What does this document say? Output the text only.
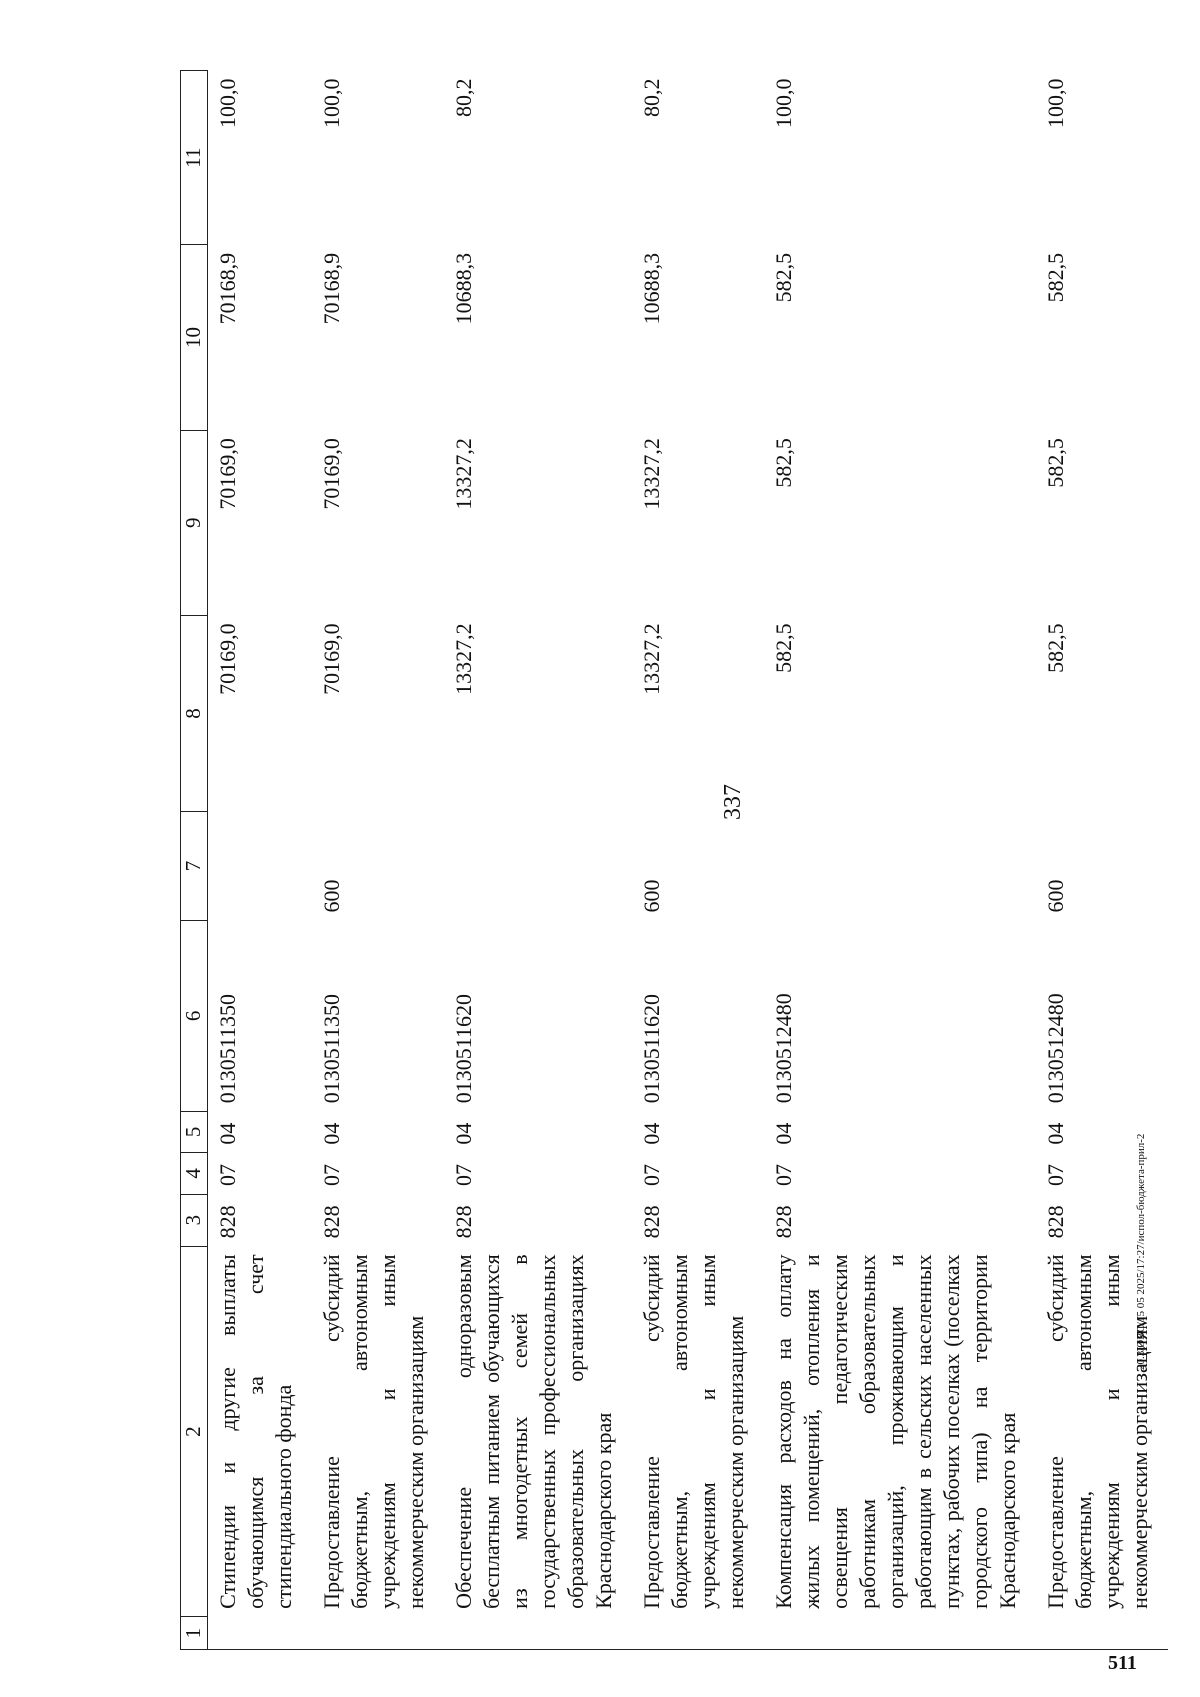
1	2	3	4	5	6	7	8	9	10	11
	Стипендии и другие выплаты обучающимся за счет стипендиального фонда	828	07	04	0130511350		70169,0	70169,0	70168,9	100,0
	Предоставление субсидий бюджетным, автономным учреждениям и иным некоммерческим организациям	828	07	04	0130511350	600	70169,0	70169,0	70168,9	100,0
	Обеспечение одноразовым бесплатным питанием обучающихся из многодетных семей в государственных профессиональных образовательных организациях Краснодарского края	828	07	04	0130511620		13327,2	13327,2	10688,3	80,2
	Предоставление субсидий бюджетным, автономным учреждениям и иным некоммерческим организациям	828	07	04	0130511620	600	13327,2	13327,2	10688,3	80,2
	Компенсация расходов на оплату жилых помещений, отопления и освещения педагогическим работникам образовательных организаций, проживающим и работающим в сельских населенных пунктах, рабочих поселках (поселках городского типа) на территории Краснодарского края	828	07	04	0130512480		582,5	582,5	582,5	100,0
	Предоставление субсидий бюджетным, автономным учреждениям и иным некоммерческим организациям	828	07	04	0130512480	600	582,5	582,5	582,5	100,0
20.3/ОВС/15 05 2025/17:27/испол-бюджета-прил-2
511
337
